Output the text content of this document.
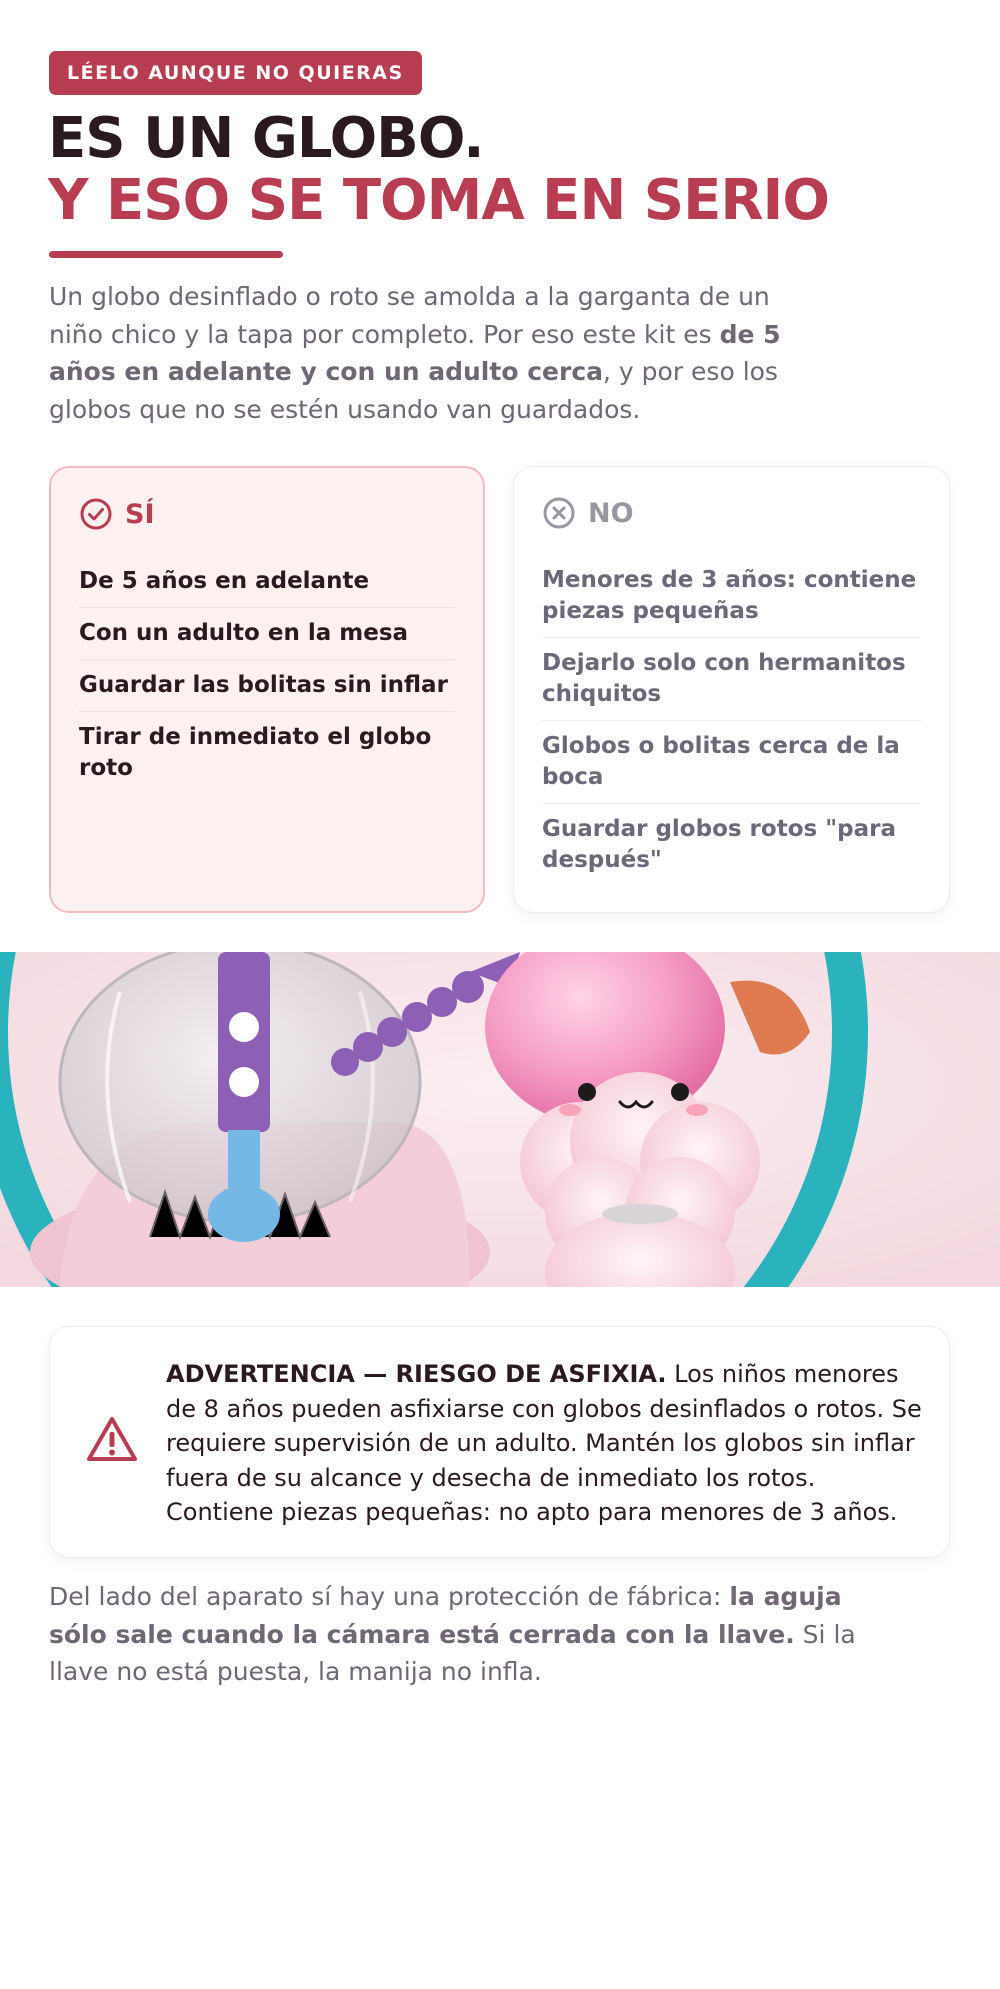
LÉELO AUNQUE NO QUIERAS
ES UN GLOBO.
Y ESO SE TOMA EN SERIO

Un globo desinflado o roto se amolda a la garganta de un niño chico y la tapa por completo. Por eso este kit es de 5 años en adelante y con un adulto cerca, y por eso los globos que no se estén usando van guardados.

SÍ
De 5 años en adelante
Con un adulto en la mesa
Guardar las bolitas sin inflar
Tirar de inmediato el globo roto
NO
Menores de 3 años: contiene piezas pequeñas
Dejarlo solo con hermanitos chiquitos
Globos o bolitas cerca de la boca
Guardar globos rotos "para después"

ADVERTENCIA — RIESGO DE ASFIXIA. Los niños menores de 8 años pueden asfixiarse con globos desinflados o rotos. Se requiere supervisión de un adulto. Mantén los globos sin inflar fuera de su alcance y desecha de inmediato los rotos. Contiene piezas pequeñas: no apto para menores de 3 años.

Del lado del aparato sí hay una protección de fábrica: la aguja sólo sale cuando la cámara está cerrada con la llave. Si la llave no está puesta, la manija no infla.
